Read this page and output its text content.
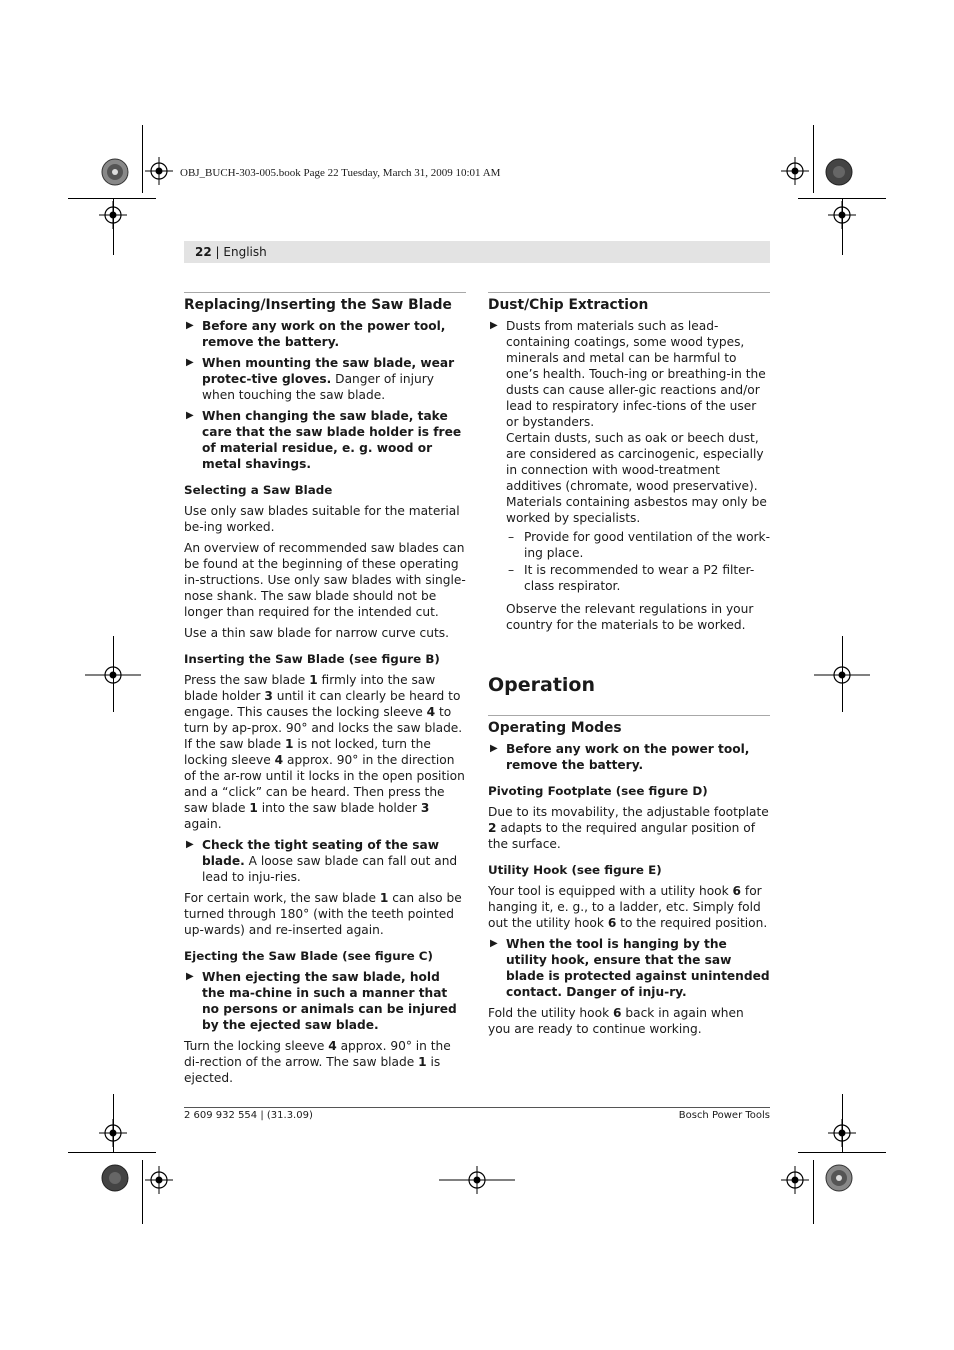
OBJ_BUCH-303-005.book Page 22 Tuesday, March 31, 2009 10:01 AM
22 | English
Replacing/Inserting the Saw Blade
▶ Before any work on the power tool, remove the battery.
▶ When mounting the saw blade, wear protec-tive gloves. Danger of injury when touching the saw blade.
▶ When changing the saw blade, take care that the saw blade holder is free of material residue, e. g. wood or metal shavings.
Selecting a Saw Blade

Use only saw blades suitable for the material be-ing worked.

An overview of recommended saw blades can be found at the beginning of these operating in-structions. Use only saw blades with single-nose shank. The saw blade should not be longer than required for the intended cut.

Use a thin saw blade for narrow curve cuts.

Inserting the Saw Blade (see figure B)

Press the saw blade 1 firmly into the saw blade holder 3 until it can clearly be heard to engage. This causes the locking sleeve 4 to turn by ap-prox. 90° and locks the saw blade.

If the saw blade 1 is not locked, turn the locking sleeve 4 approx. 90° in the direction of the ar-row until it locks in the open position and a “click” can be heard. Then press the saw blade 1 into the saw blade holder 3 again.

▶ Check the tight seating of the saw blade. A loose saw blade can fall out and lead to inju-ries.

For certain work, the saw blade 1 can also be turned through 180° (with the teeth pointed up-wards) and re-inserted again.

Ejecting the Saw Blade (see figure C)
▶ When ejecting the saw blade, hold the ma-chine in such a manner that no persons or animals can be injured by the ejected saw blade.

Turn the locking sleeve 4 approx. 90° in the di-rection of the arrow. The saw blade 1 is ejected.

Dust/Chip Extraction
▶ Dusts from materials such as lead-containing coatings, some wood types, minerals and metal can be harmful to one’s health. Touch-ing or breathing-in the dusts can cause aller-gic reactions and/or lead to respiratory infec-tions of the user or bystanders.
Certain dusts, such as oak or beech dust, are considered as carcinogenic, especially in connection with wood-treatment additives (chromate, wood preservative). Materials containing asbestos may only be worked by specialists.
– Provide for good ventilation of the work-ing place.
– It is recommended to wear a P2 filter-class respirator.
Observe the relevant regulations in your country for the materials to be worked.
Operation
Operating Modes
▶ Before any work on the power tool, remove the battery.
Pivoting Footplate (see figure D)

Due to its movability, the adjustable footplate 2 adapts to the required angular position of the surface.

Utility Hook (see figure E)

Your tool is equipped with a utility hook 6 for hanging it, e. g., to a ladder, etc. Simply fold out the utility hook 6 to the required position.

▶ When the tool is hanging by the utility hook, ensure that the saw blade is protected against unintended contact. Danger of inju-ry.

Fold the utility hook 6 back in again when you are ready to continue working.

2 609 932 554 | (31.3.09)	Bosch Power Tools
